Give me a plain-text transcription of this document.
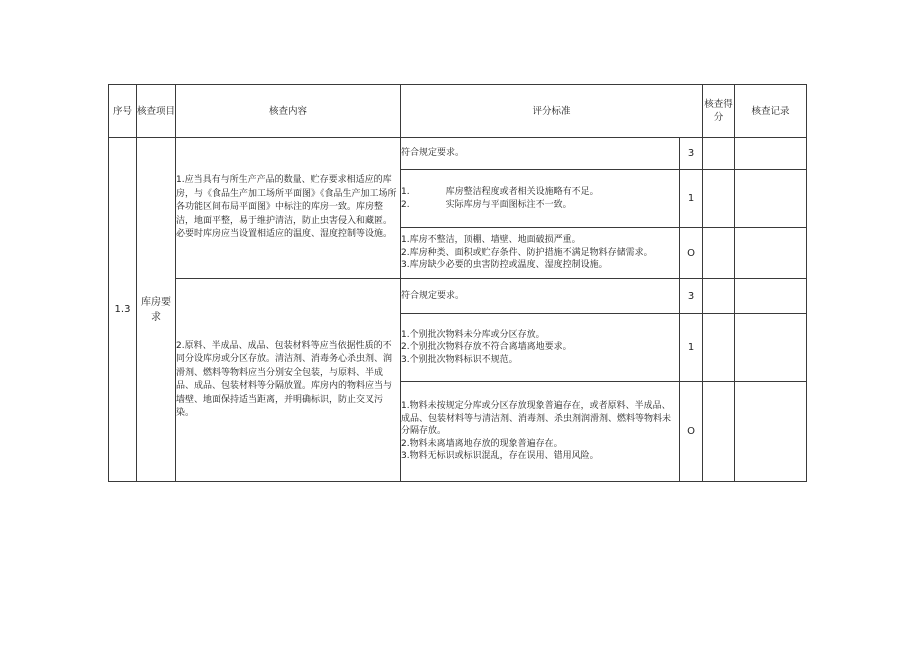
序号	核查项目	核查内容	评分标准		核查得分	核查记录
1.3	库房要求	1.应当具有与所生产产品的数量、贮存要求相适应的库房，与《食品生产加工场所平面图》《食品生产加工场所各功能区间布局平面图》中标注的库房一致。库房整洁，地面平整，易于维护清洁，防止虫害侵入和藏匿。必要时库房应当设置相适应的温度、湿度控制等设施。	符合规定要求。	3		

			1.　　　　库房整洁程度或者相关设施略有不足。
2.　　　　实际库房与平面图标注不一致。	1		

			1.库房不整洁，顶棚、墙壁、地面破损严重。
2.库房种类、面积或贮存条件、防护措施不满足物料存储需求。
3.库房缺少必要的虫害防控或温度、湿度控制设施。	O		
		2.原料、半成品、成品、包装材料等应当依据性质的不同分设库房或分区存放。清洁剂、消毒务心杀虫剂、润滑剂、燃料等物料应当分别安全包装，与原料、半成品、成品、包装材料等分隔放置。库房内的物料应当与墙壁、地面保持适当距离，并明确标识，防止交叉污染。	符合规定要求。	3		

			1.个别批次物料未分库或分区存放。
2.个别批次物料存放不符合离墙离地要求。
3.个别批次物料标识不规范。	1		

			1.物料未按规定分库或分区存放现象普遍存在，或者原料、半成品、成品、包装材料等与清洁剂、消毒剂、杀虫剂润滑剂、燃料等物料未分隔存放。
2.物料未离墙离地存放的现象普遍存在。
3.物料无标识或标识混乱，存在误用、错用风险。	O		
